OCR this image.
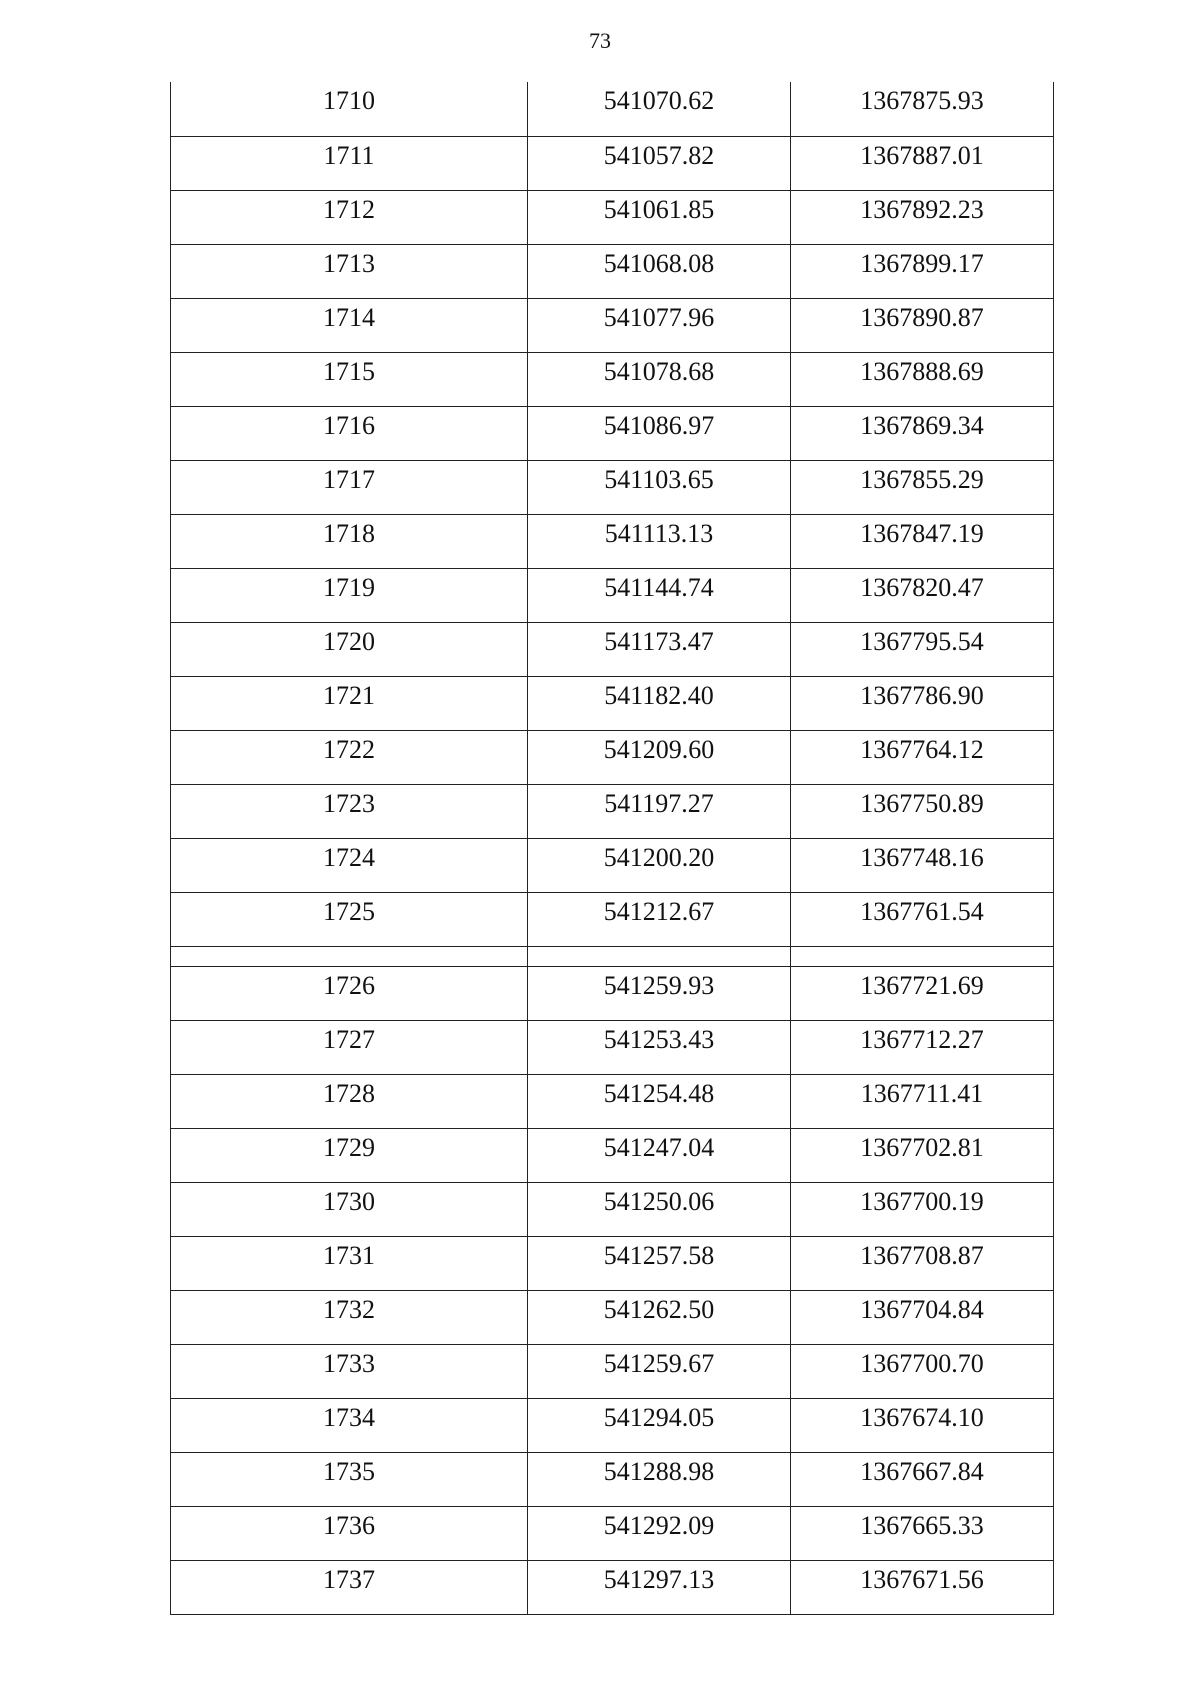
73
1710	541070.62	1367875.93
1711	541057.82	1367887.01
1712	541061.85	1367892.23
1713	541068.08	1367899.17
1714	541077.96	1367890.87
1715	541078.68	1367888.69
1716	541086.97	1367869.34
1717	541103.65	1367855.29
1718	541113.13	1367847.19
1719	541144.74	1367820.47
1720	541173.47	1367795.54
1721	541182.40	1367786.90
1722	541209.60	1367764.12
1723	541197.27	1367750.89
1724	541200.20	1367748.16
1725	541212.67	1367761.54

1726	541259.93	1367721.69
1727	541253.43	1367712.27
1728	541254.48	1367711.41
1729	541247.04	1367702.81
1730	541250.06	1367700.19
1731	541257.58	1367708.87
1732	541262.50	1367704.84
1733	541259.67	1367700.70
1734	541294.05	1367674.10
1735	541288.98	1367667.84
1736	541292.09	1367665.33
1737	541297.13	1367671.56
